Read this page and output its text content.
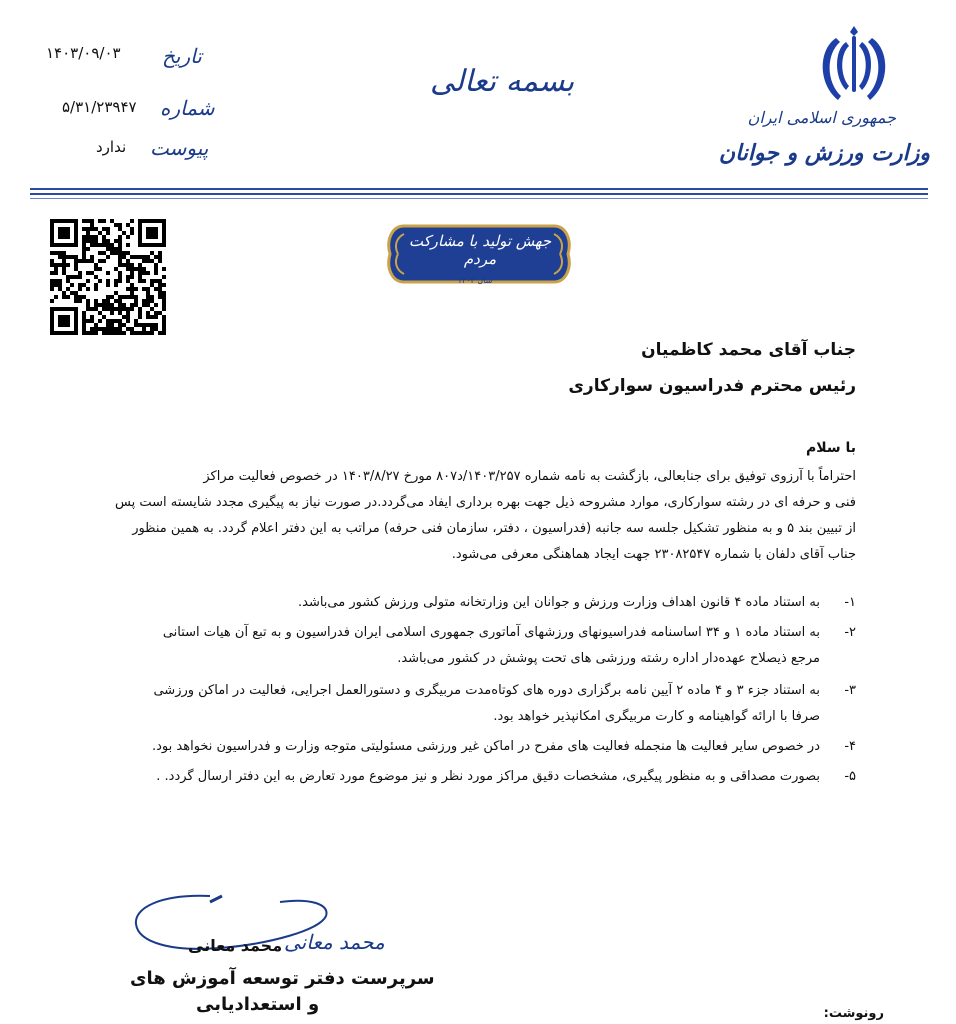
جمهوری اسلامی ایران
وزارت ورزش و جوانان
بسمه تعالی
تاریخ
۱۴۰۳/۰۹/۰۳
شماره
۵/۳۱/۲۳۹۴۷
پیوست
ندارد
جهش تولید با مشارکت مردم
سال ۱۴۰۳
جناب آقای محمد کاظمیان
رئیس محترم فدراسیون سوارکاری
با سلام
احتراماً با آرزوی توفیق برای جنابعالی، بازگشت به نامه شماره ۱۴۰۳/۲۵۷/د۸۰۷ مورخ ۱۴۰۳/۸/۲۷ در خصوص فعالیت مراکز
فنی و حرفه ای در رشته سوارکاری، موارد مشروحه ذیل جهت بهره برداری ایفاد می‌گردد.در صورت نیاز به پیگیری مجدد شایسته است پس
از تبیین بند ۵ و به منظور تشکیل جلسه سه جانبه (فدراسیون ، دفتر، سازمان فنی حرفه) مراتب به این دفتر اعلام گردد. به همین منظور
جناب آقای دلفان با شماره ۲۳۰۸۲۵۴۷ جهت ایجاد هماهنگی معرفی می‌شود.
۱-
به استناد ماده ۴ قانون اهداف وزارت ورزش و جوانان این وزارتخانه متولی ورزش کشور می‌باشد.
۲-
به استناد ماده ۱ و ۳۴ اساسنامه فدراسیونهای ورزشهای آماتوری جمهوری اسلامی ایران فدراسیون و به تبع آن هیات استانی
مرجع ذیصلاح عهده‌دار اداره رشته ورزشی های تحت پوشش در کشور می‌باشد.
۳-
به استناد جزء ۳ و ۴ ماده ۲ آیین نامه برگزاری دوره های کوتاه‌مدت مربیگری و دستورالعمل اجرایی، فعالیت در اماکن ورزشی
صرفا با ارائه گواهینامه و کارت مربیگری امکانپذیر خواهد بود.
۴-
در خصوص سایر فعالیت ها منجمله فعالیت های مفرح در اماکن غیر ورزشی مسئولیتی متوجه وزارت و فدراسیون نخواهد بود.
۵-
بصورت مصداقی و به منظور پیگیری، مشخصات دقیق مراکز مورد نظر و نیز موضوع مورد تعارض به این دفتر ارسال گردد. .
محمد معانی
محمد معانی
سرپرست دفتر توسعه آموزش های
و استعدادیابی	رونوشت:
